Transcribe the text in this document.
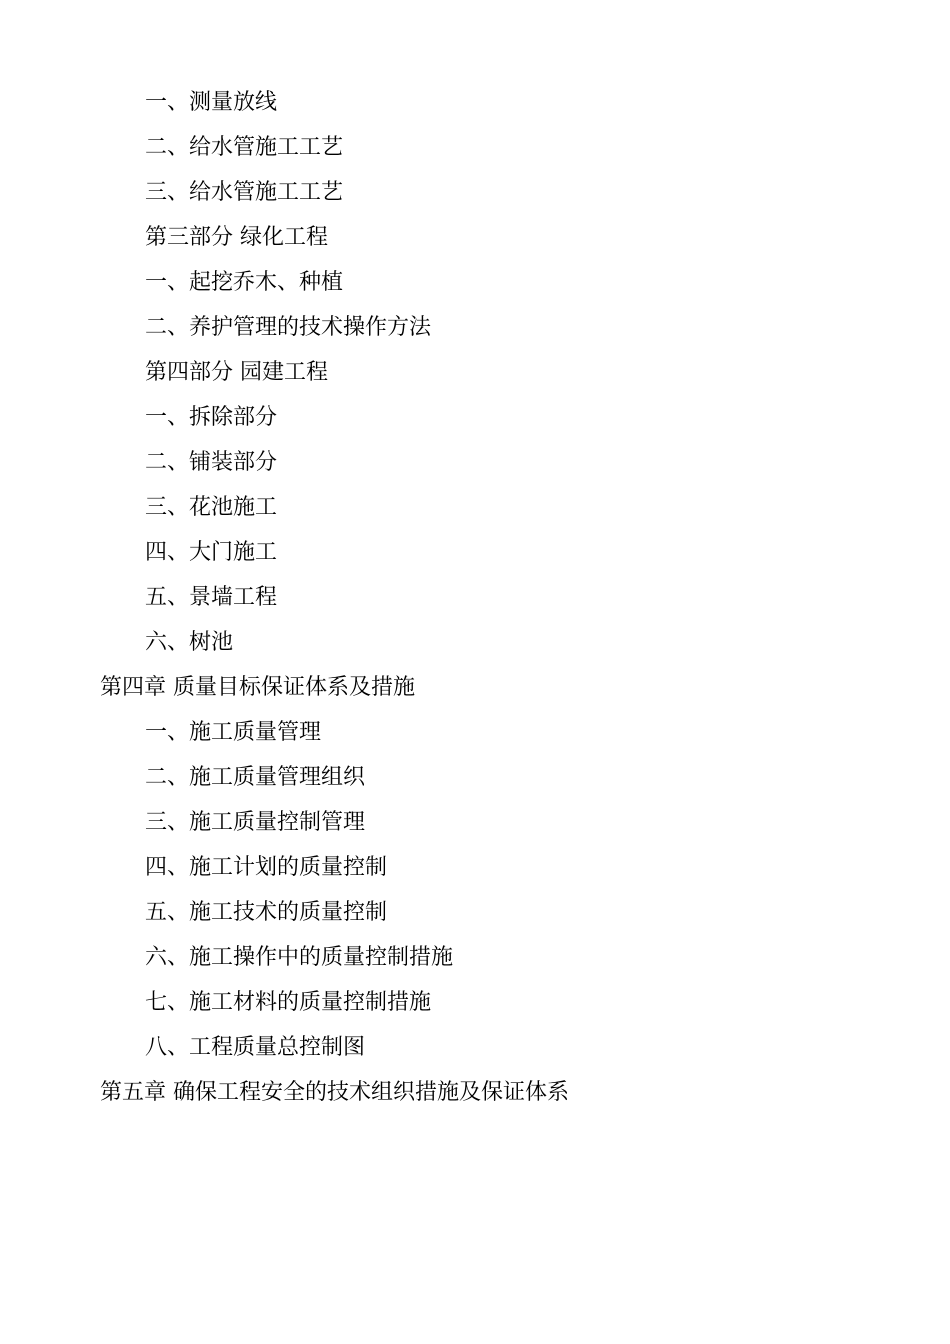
一、测量放线
二、给水管施工工艺
三、给水管施工工艺
第三部分 绿化工程
一、起挖乔木、种植
二、养护管理的技术操作方法
第四部分 园建工程
一、拆除部分
二、铺装部分
三、花池施工
四、大门施工
五、景墙工程
六、树池
第四章 质量目标保证体系及措施
一、施工质量管理
二、施工质量管理组织
三、施工质量控制管理
四、施工计划的质量控制
五、施工技术的质量控制
六、施工操作中的质量控制措施
七、施工材料的质量控制措施
八、工程质量总控制图
第五章 确保工程安全的技术组织措施及保证体系
